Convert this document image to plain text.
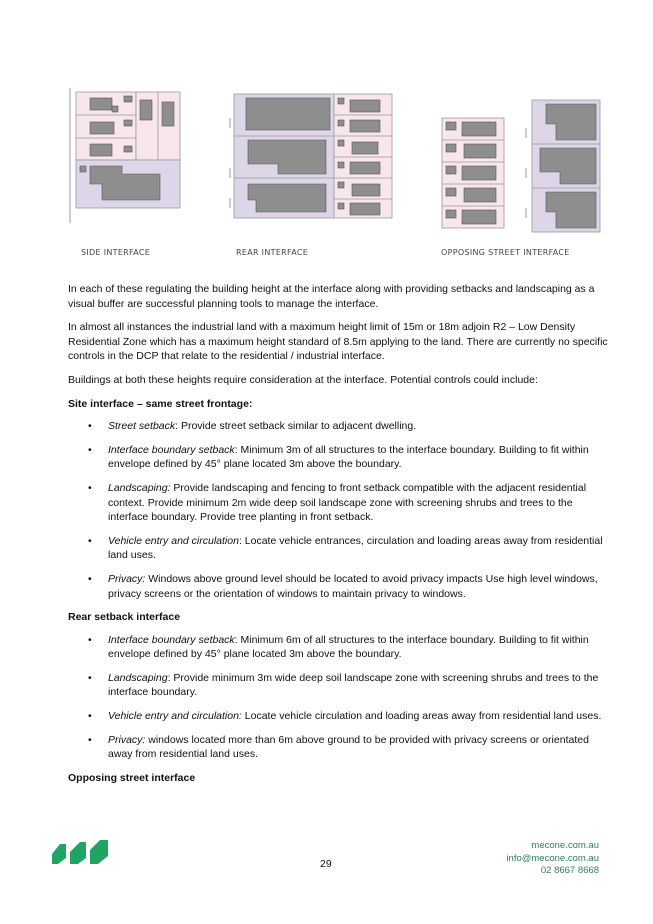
SIDE INTERFACE	REAR INTERFACE	OPPOSING STREET INTERFACE

In each of these regulating the building height at the interface along with providing setbacks and landscaping as a visual buffer are successful planning tools to manage the interface.

In almost all instances the industrial land with a maximum height limit of 15m or 18m adjoin R2 – Low Density Residential Zone which has a maximum height standard of 8.5m applying to the land. There are currently no specific controls in the DCP that relate to the residential / industrial interface.

Buildings at both these heights require consideration at the interface. Potential controls could include:

Site interface – same street frontage:
• Street setback: Provide street setback similar to adjacent dwelling.
• Interface boundary setback: Minimum 3m of all structures to the interface boundary. Building to fit within envelope defined by 45° plane located 3m above the boundary.
• Landscaping: Provide landscaping and fencing to front setback compatible with the adjacent residential context. Provide minimum 2m wide deep soil landscape zone with screening shrubs and trees to the interface boundary. Provide tree planting in front setback.
• Vehicle entry and circulation: Locate vehicle entrances, circulation and loading areas away from residential land uses.
• Privacy: Windows above ground level should be located to avoid privacy impacts Use high level windows, privacy screens or the orientation of windows to maintain privacy to windows.
Rear setback interface
• Interface boundary setback: Minimum 6m of all structures to the interface boundary. Building to fit within envelope defined by 45° plane located 3m above the boundary.
• Landscaping: Provide minimum 3m wide deep soil landscape zone with screening shrubs and trees to the interface boundary.
• Vehicle entry and circulation: Locate vehicle circulation and loading areas away from residential land uses.
• Privacy: windows located more than 6m above ground to be provided with privacy screens or orientated away from residential land uses.
Opposing street interface
29
mecone.com.au
info@mecone.com.au
02 8667 8668
